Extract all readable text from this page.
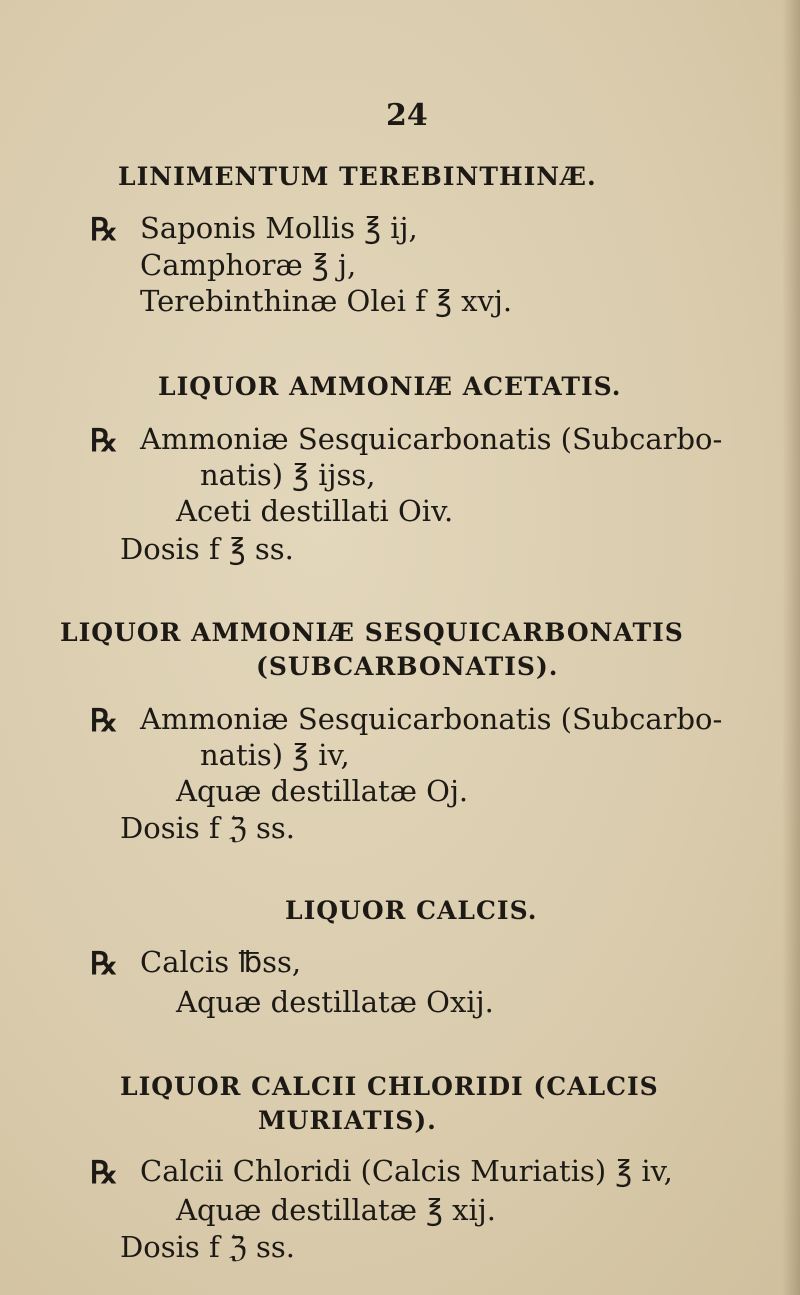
24
LINIMENTUM TEREBINTHINÆ.
℞ Saponis Mollis ℥ ij,
Camphoræ ℥ j,
Terebinthinæ Olei f ℥ xvj.
LIQUOR AMMONIÆ ACETATIS.
℞ Ammoniæ Sesquicarbonatis (Subcarbo-
natis) ℥ ijss,
Aceti destillati Oiv.
Dosis f ℥ ss.
LIQUOR AMMONIÆ SESQUICARBONATIS
(SUBCARBONATIS).
℞ Ammoniæ Sesquicarbonatis (Subcarbo-
natis) ℥ iv,
Aquæ destillatæ Oj.
Dosis f ℨ ss.
LIQUOR CALCIS.
℞ Calcis ℔ss,
Aquæ destillatæ Oxij.
LIQUOR CALCII CHLORIDI (CALCIS
MURIATIS).
℞ Calcii Chloridi (Calcis Muriatis) ℥ iv,
Aquæ destillatæ ℥ xij.
Dosis f ℨ ss.
